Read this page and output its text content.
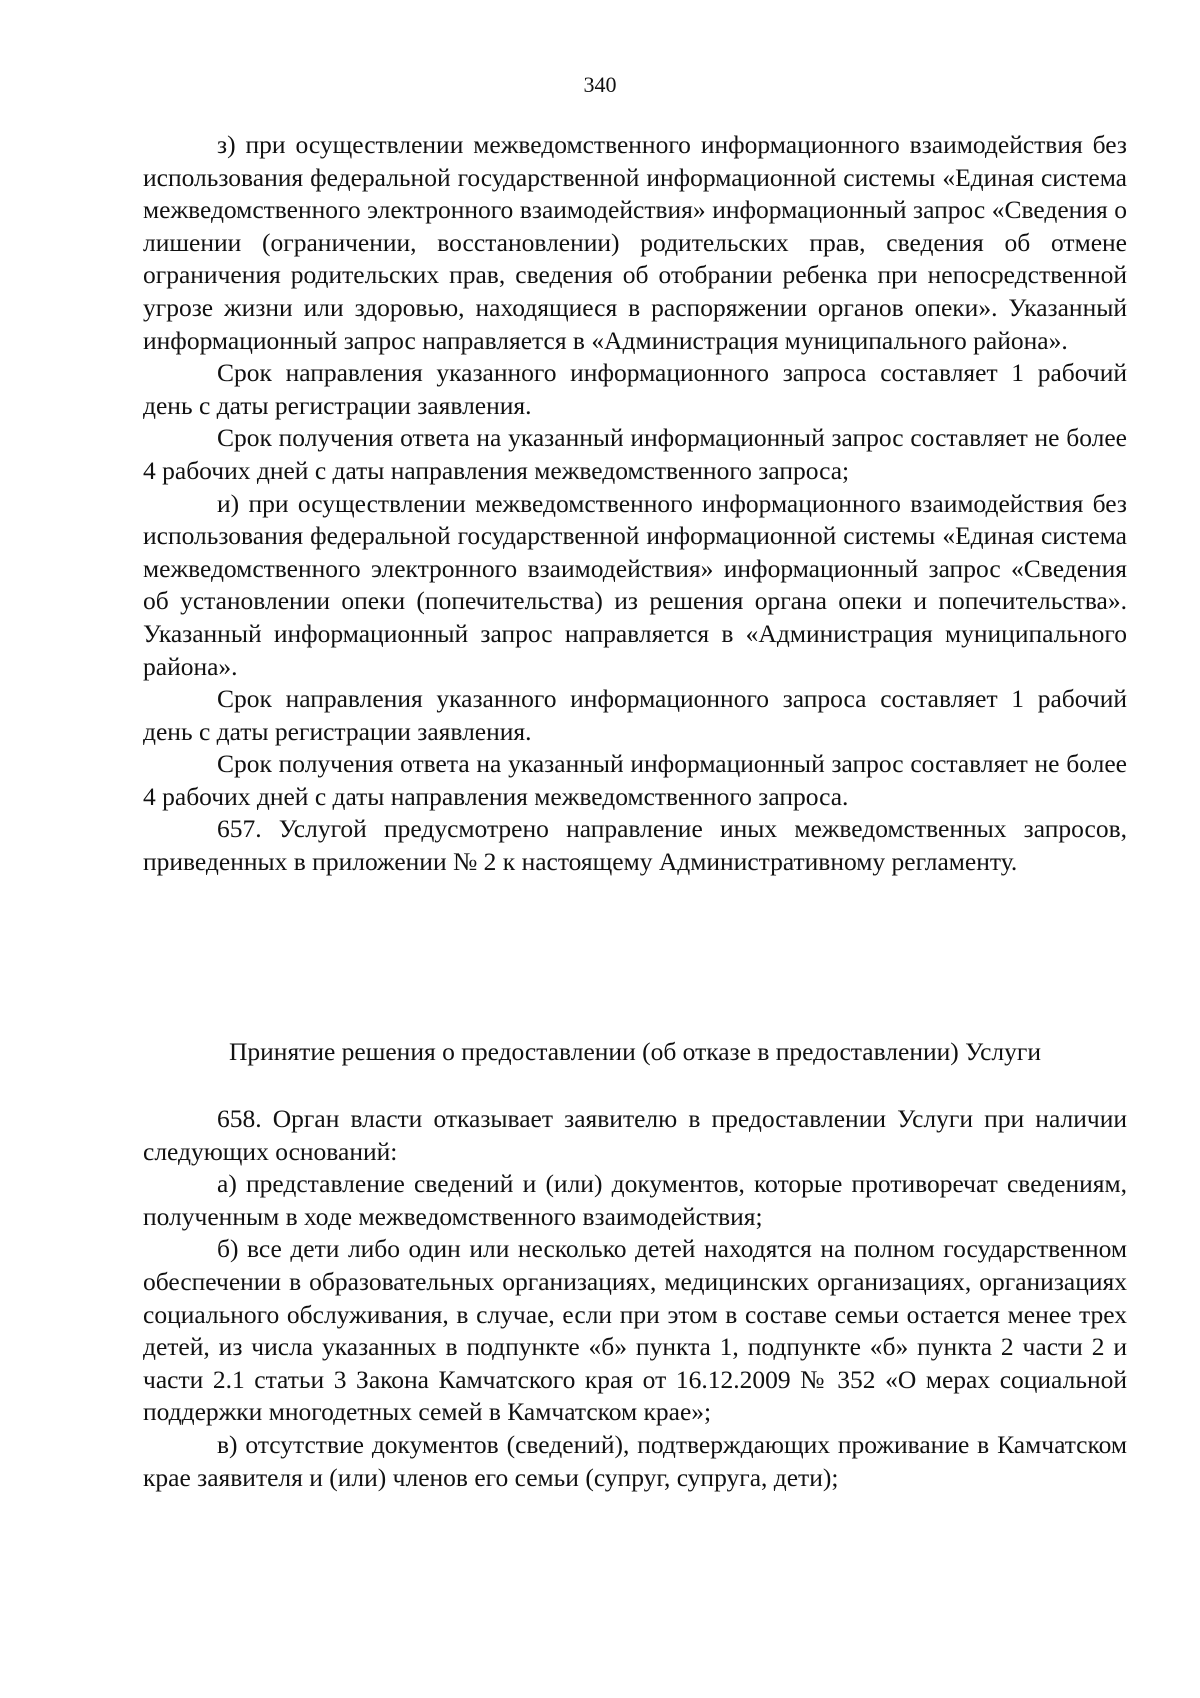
340

з) при осуществлении межведомственного информационного взаимодействия без использования федеральной государственной информационной системы «Единая система межведомственного электронного взаимодействия» информационный запрос «Сведения о лишении (ограничении, восстановлении) родительских прав, сведения об отмене ограничения родительских прав, сведения об отобрании ребенка при непосредственной угрозе жизни или здоровью, находящиеся в распоряжении органов опеки». Указанный информационный запрос направляется в «Администрация муниципального района».

Срок направления указанного информационного запроса составляет 1 рабочий день с даты регистрации заявления.

Срок получения ответа на указанный информационный запрос составляет не более 4 рабочих дней с даты направления межведомственного запроса;

и) при осуществлении межведомственного информационного взаимодействия без использования федеральной государственной информационной системы «Единая система межведомственного электронного взаимодействия» информационный запрос «Сведения об установлении опеки (попечительства) из решения органа опеки и попечительства». Указанный информационный запрос направляется в «Администрация муниципального района».

Срок направления указанного информационного запроса составляет 1 рабочий день с даты регистрации заявления.

Срок получения ответа на указанный информационный запрос составляет не более 4 рабочих дней с даты направления межведомственного запроса.

657. Услугой предусмотрено направление иных межведомственных запросов, приведенных в приложении № 2 к настоящему Административному регламенту.

Принятие решения о предоставлении (об отказе в предоставлении) Услуги

658. Орган власти отказывает заявителю в предоставлении Услуги при наличии следующих оснований:

а) представление сведений и (или) документов, которые противоречат сведениям, полученным в ходе межведомственного взаимодействия;

б) все дети либо один или несколько детей находятся на полном государственном обеспечении в образовательных организациях, медицинских организациях, организациях социального обслуживания, в случае, если при этом в составе семьи остается менее трех детей, из числа указанных в подпункте «б» пункта 1, подпункте «б» пункта 2 части 2 и части 2.1 статьи 3 Закона Камчатского края от 16.12.2009 № 352 «О мерах социальной поддержки многодетных семей в Камчатском крае»;

в) отсутствие документов (сведений), подтверждающих проживание в Камчатском крае заявителя и (или) членов его семьи (супруг, супруга, дети);
